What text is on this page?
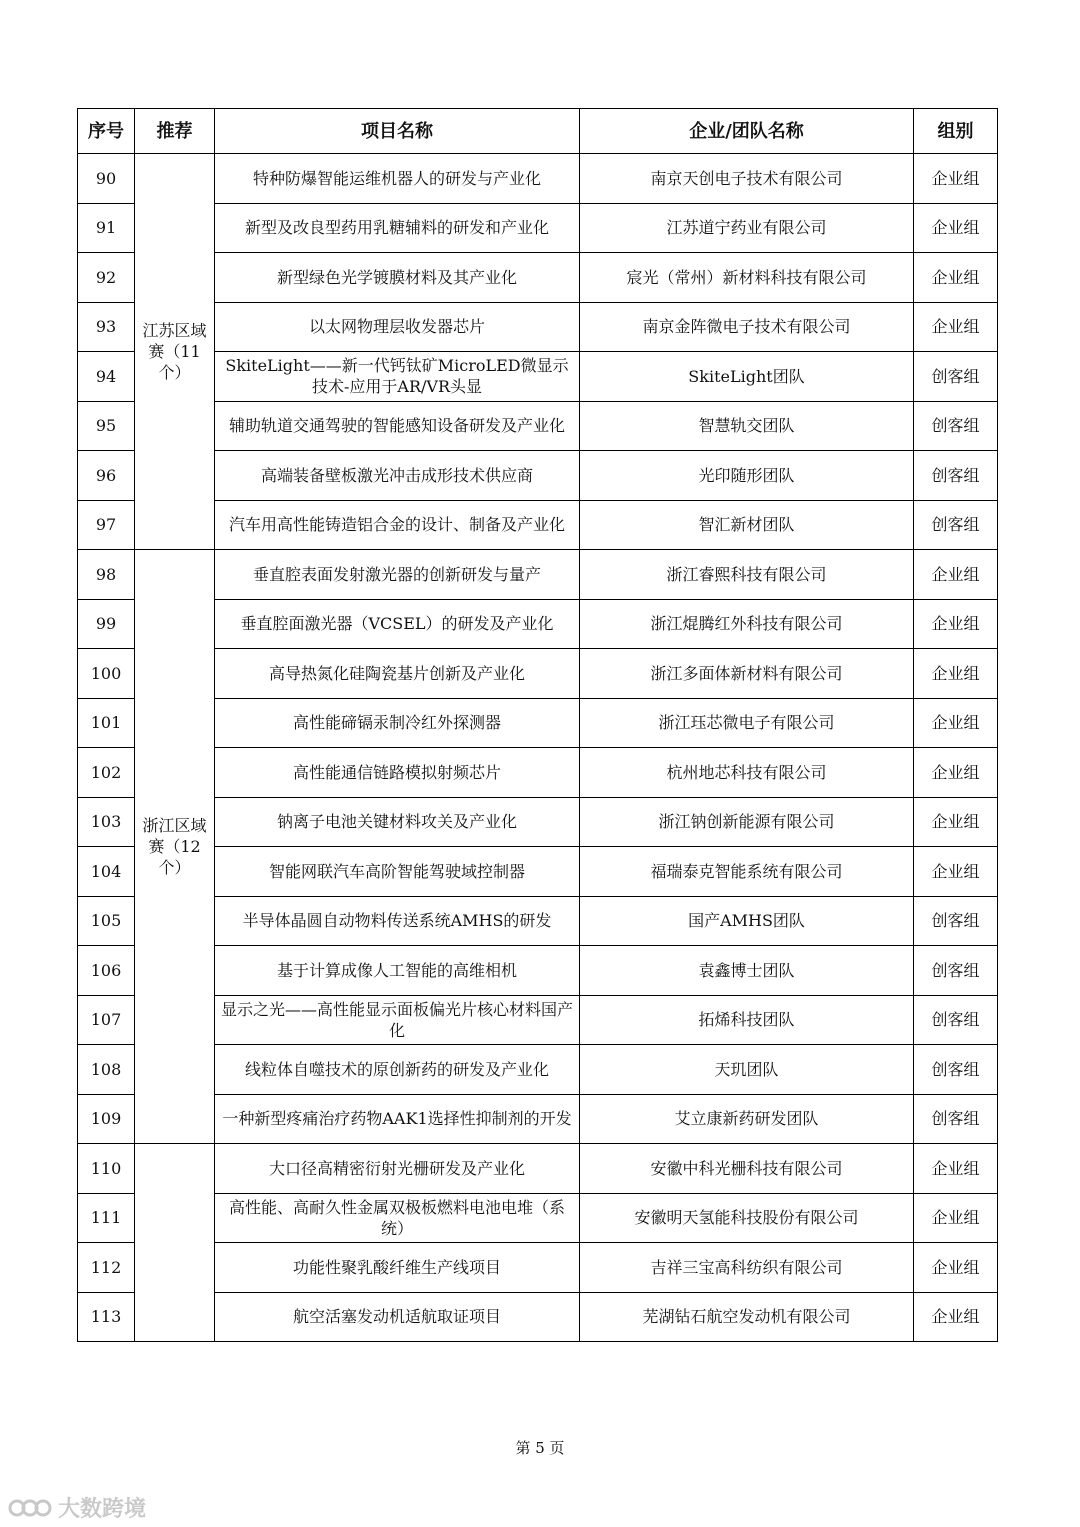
序号	推荐	项目名称	企业/团队名称	组别
90	江苏区域赛（11个）	特种防爆智能运维机器人的研发与产业化	南京天创电子技术有限公司	企业组
91		新型及改良型药用乳糖辅料的研发和产业化	江苏道宁药业有限公司	企业组
92		新型绿色光学镀膜材料及其产业化	宸光（常州）新材料科技有限公司	企业组
93		以太网物理层收发器芯片	南京金阵微电子技术有限公司	企业组
94		SkiteLight——新一代钙钛矿MicroLED微显示技术-应用于AR/VR头显	SkiteLight团队	创客组
95		辅助轨道交通驾驶的智能感知设备研发及产业化	智慧轨交团队	创客组
96		高端装备壁板激光冲击成形技术供应商	光印随形团队	创客组
97		汽车用高性能铸造铝合金的设计、制备及产业化	智汇新材团队	创客组
98	浙江区域赛（12个）	垂直腔表面发射激光器的创新研发与量产	浙江睿熙科技有限公司	企业组
99		垂直腔面激光器（VCSEL）的研发及产业化	浙江焜腾红外科技有限公司	企业组
100		高导热氮化硅陶瓷基片创新及产业化	浙江多面体新材料有限公司	企业组
101		高性能碲镉汞制冷红外探测器	浙江珏芯微电子有限公司	企业组
102		高性能通信链路模拟射频芯片	杭州地芯科技有限公司	企业组
103		钠离子电池关键材料攻关及产业化	浙江钠创新能源有限公司	企业组
104		智能网联汽车高阶智能驾驶域控制器	福瑞泰克智能系统有限公司	企业组
105		半导体晶圆自动物料传送系统AMHS的研发	国产AMHS团队	创客组
106		基于计算成像人工智能的高维相机	袁鑫博士团队	创客组
107		显示之光——高性能显示面板偏光片核心材料国产化	拓烯科技团队	创客组
108		线粒体自噬技术的原创新药的研发及产业化	天玑团队	创客组
109		一种新型疼痛治疗药物AAK1选择性抑制剂的开发	艾立康新药研发团队	创客组
110		大口径高精密衍射光栅研发及产业化	安徽中科光栅科技有限公司	企业组
111		高性能、高耐久性金属双极板燃料电池电堆（系统）	安徽明天氢能科技股份有限公司	企业组
112		功能性聚乳酸纤维生产线项目	吉祥三宝高科纺织有限公司	企业组
113		航空活塞发动机适航取证项目	芜湖钻石航空发动机有限公司	企业组
第 5 页
大数跨境
